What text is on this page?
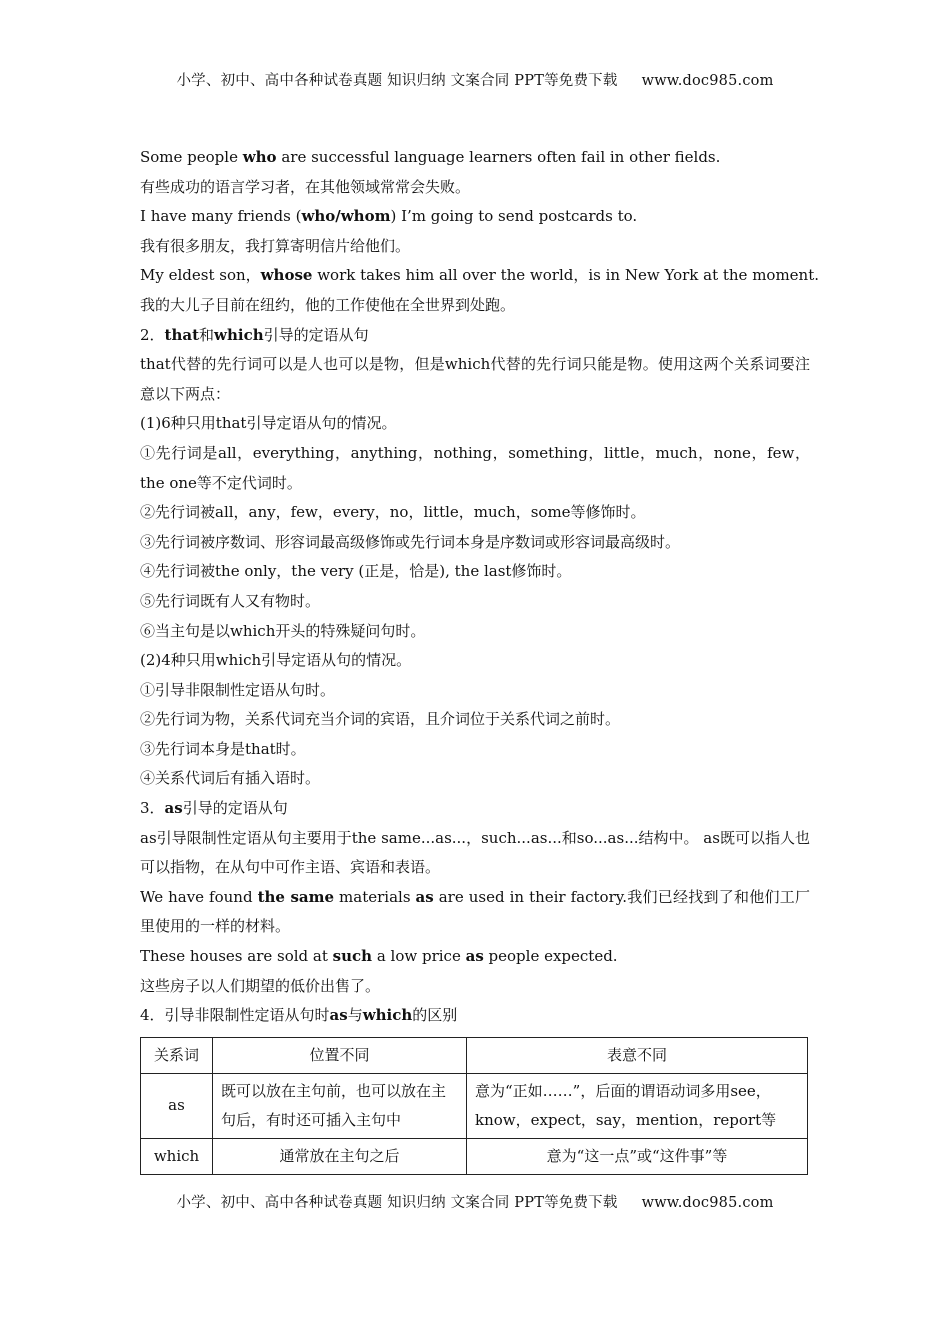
小学、初中、高中各种试卷真题 知识归纳 文案合同 PPT等免费下载 www.doc985.com
Some people who are successful language learners often fail in other fields.
有些成功的语言学习者，在其他领域常常会失败。
I have many friends (who/whom) I’m going to send postcards to.
我有很多朋友，我打算寄明信片给他们。
My eldest son，whose work takes him all over the world，is in New York at the moment.
我的大儿子目前在纽约，他的工作使他在全世界到处跑。
2．that和which引导的定语从句
that代替的先行词可以是人也可以是物，但是which代替的先行词只能是物。使用这两个关系词要注意以下两点：
(1)6种只用that引导定语从句的情况。
①先行词是all，everything，anything，nothing，something，little，much，none，few，the one等不定代词时。
②先行词被all，any，few，every，no，little，much，some等修饰时。
③先行词被序数词、形容词最高级修饰或先行词本身是序数词或形容词最高级时。
④先行词被the only，the very (正是，恰是), the last修饰时。
⑤先行词既有人又有物时。
⑥当主句是以which开头的特殊疑问句时。
(2)4种只用which引导定语从句的情况。
①引导非限制性定语从句时。
②先行词为物，关系代词充当介词的宾语，且介词位于关系代词之前时。
③先行词本身是that时。
④关系代词后有插入语时。
3．as引导的定语从句
as引导限制性定语从句主要用于the same...as...，such...as...和so...as...结构中。 as既可以指人也可以指物，在从句中可作主语、宾语和表语。
We have found the same materials as are used in their factory.我们已经找到了和他们工厂里使用的一样的材料。
These houses are sold at such a low price as people expected.
这些房子以人们期望的低价出售了。
4．引导非限制性定语从句时as与which的区别
关系词	位置不同	表意不同
as	既可以放在主句前，也可以放在主句后，有时还可插入主句中	意为“正如……”，后面的谓语动词多用see，know，expect，say，mention，report等
which	通常放在主句之后	意为“这一点”或“这件事”等
小学、初中、高中各种试卷真题 知识归纳 文案合同 PPT等免费下载 www.doc985.com
